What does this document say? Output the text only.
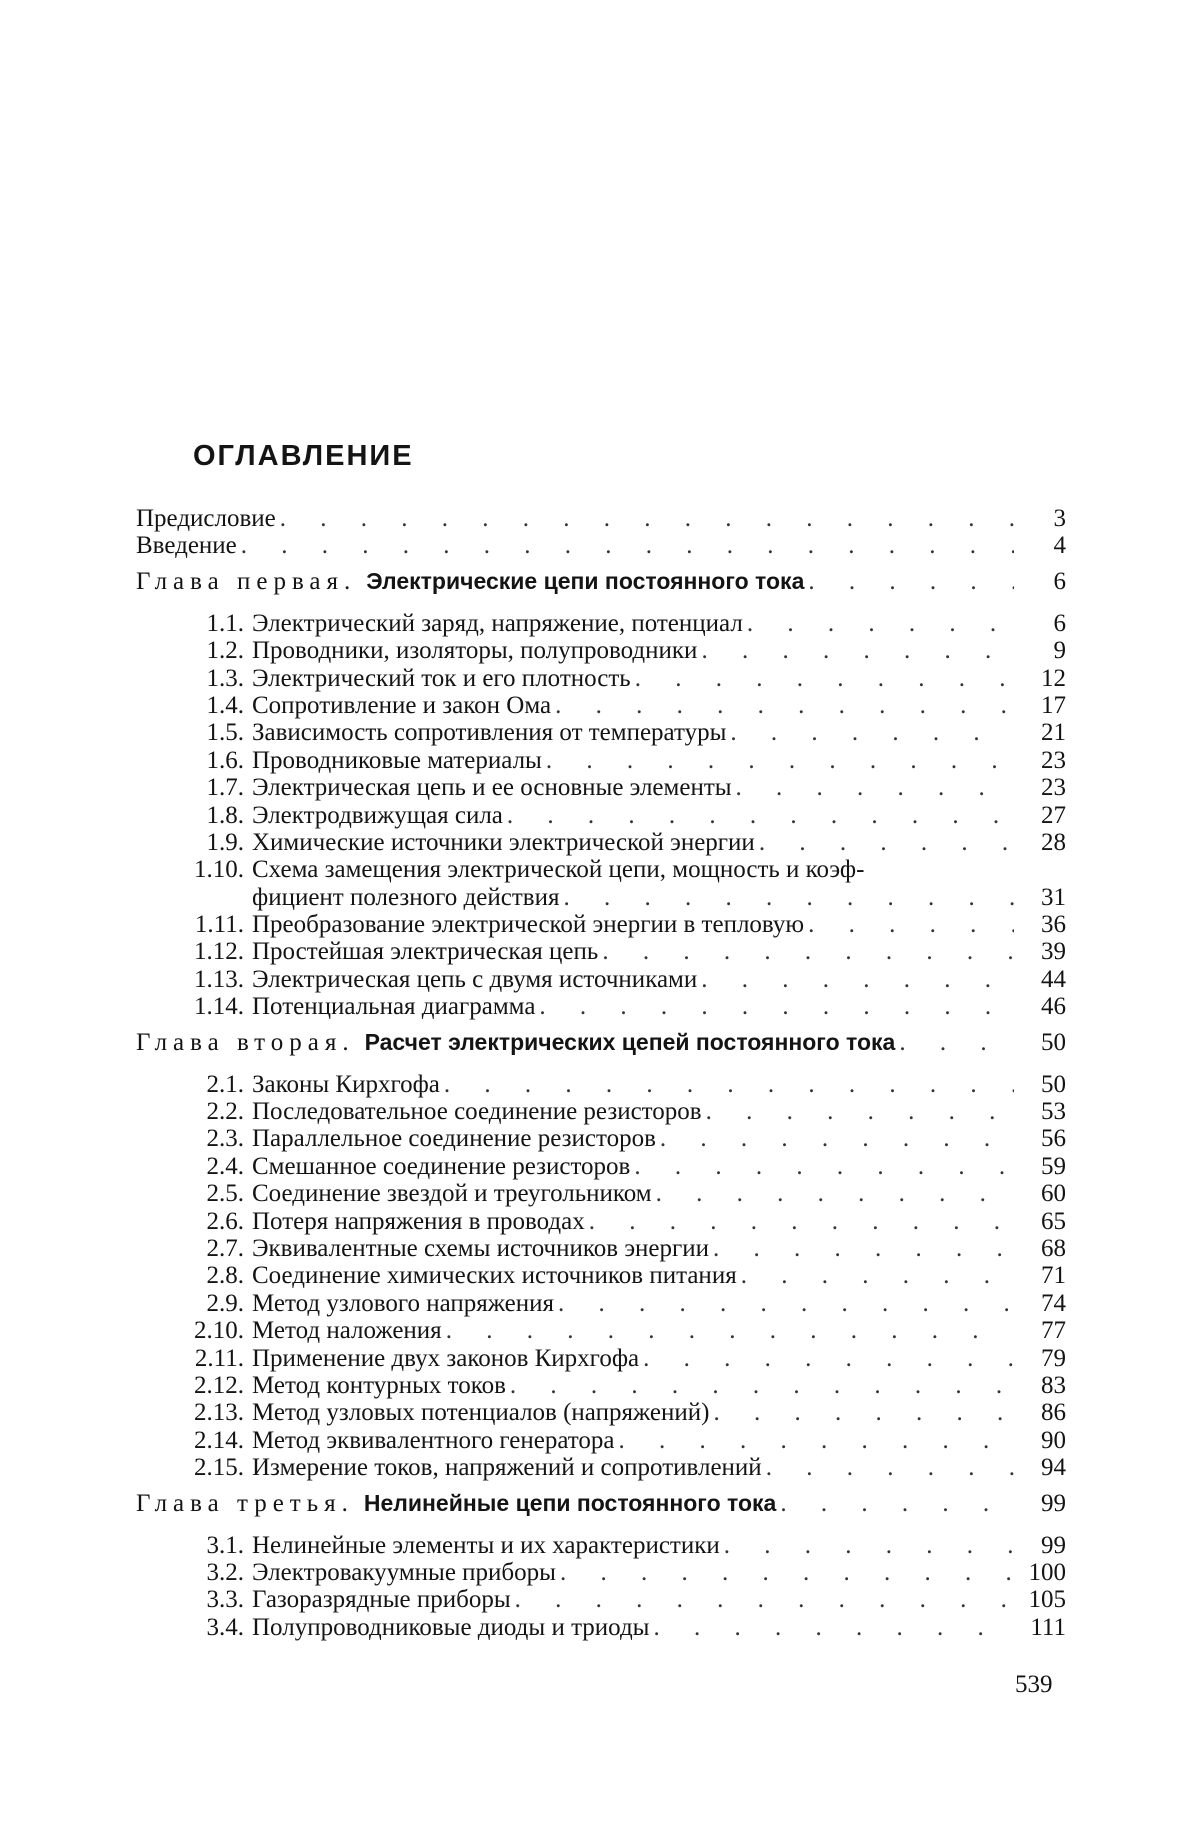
ОГЛАВЛЕНИЕ
Предисловие . . .	3
Введение . . .	4
Глава первая. Электрические цепи постоянного тока . . .	6
1.1. Электрический заряд, напряжение, потенциал . . .	6
1.2. Проводники, изоляторы, полупроводники . . .	9
1.3. Электрический ток и его плотность . . .	12
1.4. Сопротивление и закон Ома . . .	17
1.5. Зависимость сопротивления от температуры . . .	21
1.6. Проводниковые материалы . . .	23
1.7. Электрическая цепь и ее основные элементы . . .	23
1.8. Электродвижущая сила . . .	27
1.9. Химические источники электрической энергии . . .	28
1.10. Схема замещения электрической цепи, мощность и коэф-
фициент полезного действия . . .	31
1.11. Преобразование электрической энергии в тепловую . . .	36
1.12. Простейшая электрическая цепь . . .	39
1.13. Электрическая цепь с двумя источниками . . .	44
1.14. Потенциальная диаграмма . . .	46
Глава вторая. Расчет электрических цепей постоянного тока . . .	50
2.1. Законы Кирхгофа . . .	50
2.2. Последовательное соединение резисторов . . .	53
2.3. Параллельное соединение резисторов . . .	56
2.4. Смешанное соединение резисторов . . .	59
2.5. Соединение звездой и треугольником . . .	60
2.6. Потеря напряжения в проводах . . .	65
2.7. Эквивалентные схемы источников энергии . . .	68
2.8. Соединение химических источников питания . . .	71
2.9. Метод узлового напряжения . . .	74
2.10. Метод наложения . . .	77
2.11. Применение двух законов Кирхгофа . . .	79
2.12. Метод контурных токов . . .	83
2.13. Метод узловых потенциалов (напряжений) . . .	86
2.14. Метод эквивалентного генератора . . .	90
2.15. Измерение токов, напряжений и сопротивлений . . .	94
Глава третья. Нелинейные цепи постоянного тока . . .	99
3.1. Нелинейные элементы и их характеристики . . .	99
3.2. Электровакуумные приборы . . .	100
3.3. Газоразрядные приборы . . .	105
3.4. Полупроводниковые диоды и триоды . . .	111
539
